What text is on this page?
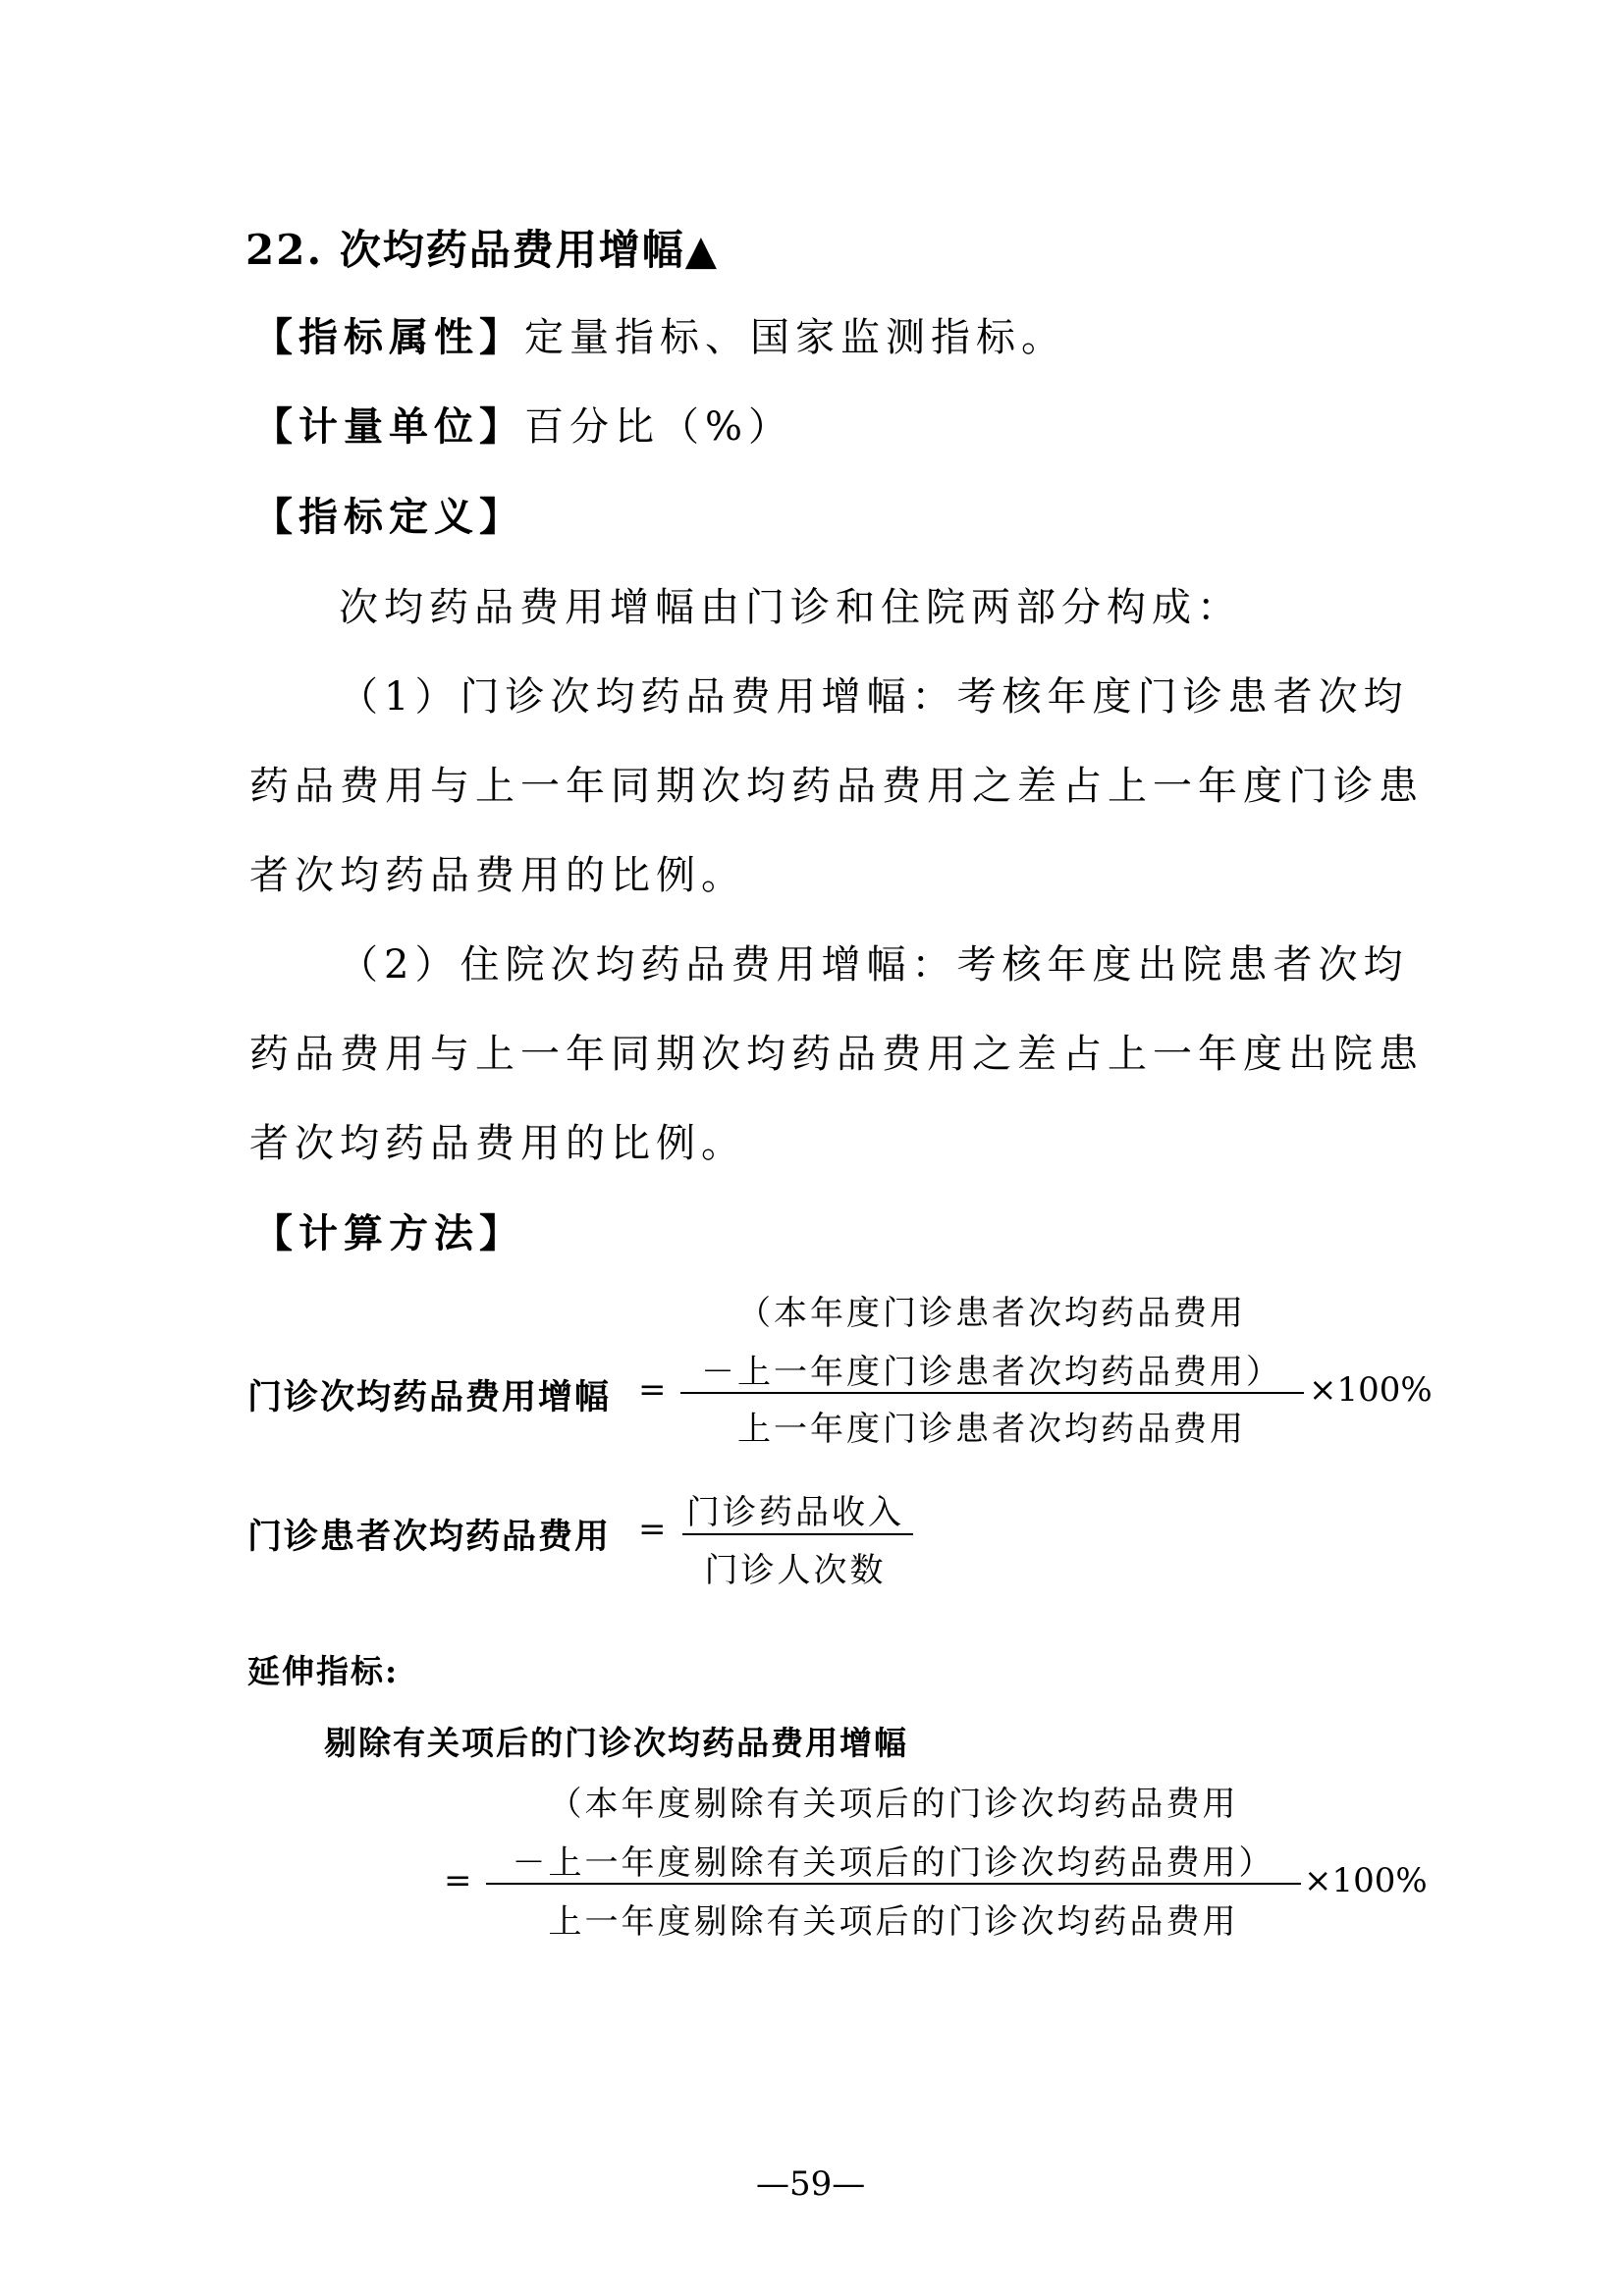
22. 次均药品费用增幅▲
【指标属性】定量指标、国家监测指标。
【计量单位】百分比（%）
【指标定义】
次均药品费用增幅由门诊和住院两部分构成：
（1）门诊次均药品费用增幅：考核年度门诊患者次均
药品费用与上一年同期次均药品费用之差占上一年度门诊患
者次均药品费用的比例。
（2）住院次均药品费用增幅：考核年度出院患者次均
药品费用与上一年同期次均药品费用之差占上一年度出院患
者次均药品费用的比例。
【计算方法】
门诊次均药品费用增幅 =
（本年度门诊患者次均药品费用
－上一年度门诊患者次均药品费用）
上一年度门诊患者次均药品费用
×100%
门诊患者次均药品费用 = 门诊药品收入
门诊人次数
延伸指标:
剔除有关项后的门诊次均药品费用增幅
（本年度剔除有关项后的门诊次均药品费用
－上一年度剔除有关项后的门诊次均药品费用）
=
上一年度剔除有关项后的门诊次均药品费用
×100%
—59—
